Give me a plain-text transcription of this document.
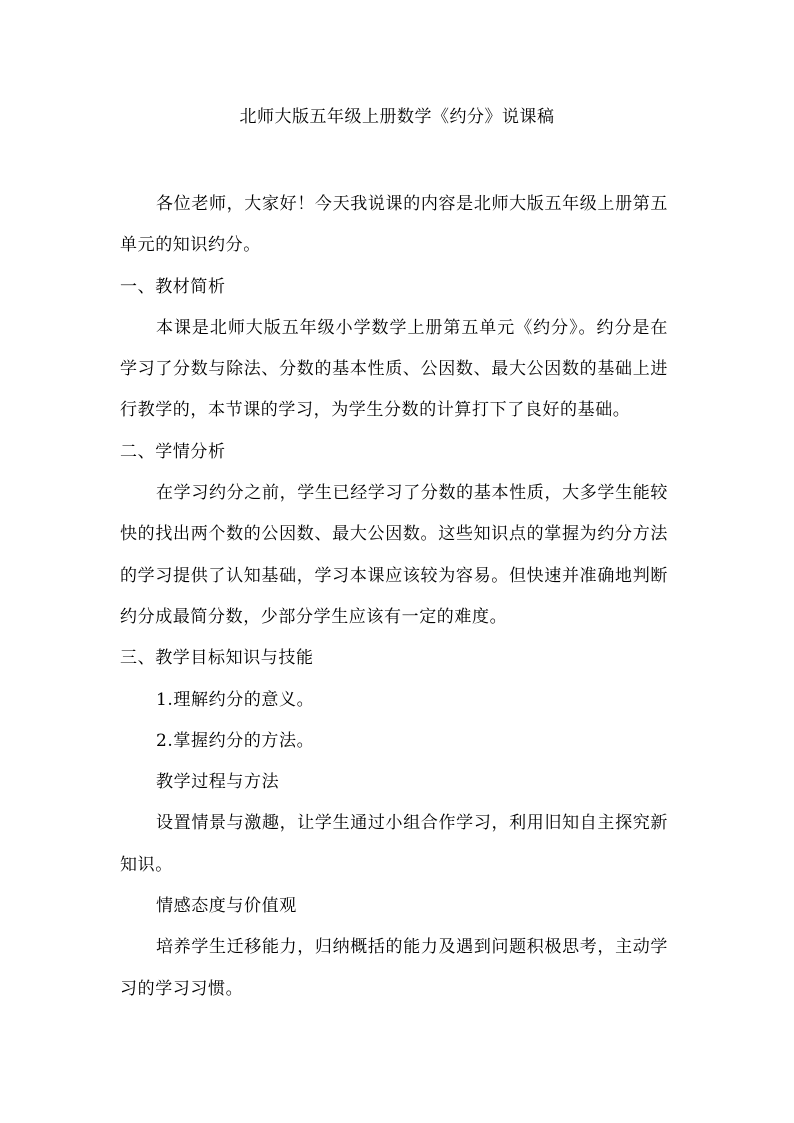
北师大版五年级上册数学《约分》说课稿

各位老师，大家好！今天我说课的内容是北师大版五年级上册第五单元的知识约分。

一、教材简析

本课是北师大版五年级小学数学上册第五单元《约分》。约分是在学习了分数与除法、分数的基本性质、公因数、最大公因数的基础上进行教学的，本节课的学习，为学生分数的计算打下了良好的基础。

二、学情分析

在学习约分之前，学生已经学习了分数的基本性质，大多学生能较快的找出两个数的公因数、最大公因数。这些知识点的掌握为约分方法的学习提供了认知基础，学习本课应该较为容易。但快速并准确地判断约分成最简分数，少部分学生应该有一定的难度。

三、教学目标知识与技能

1.理解约分的意义。

2.掌握约分的方法。

教学过程与方法

设置情景与激趣，让学生通过小组合作学习，利用旧知自主探究新知识。

情感态度与价值观

培养学生迁移能力，归纳概括的能力及遇到问题积极思考，主动学习的学习习惯。
